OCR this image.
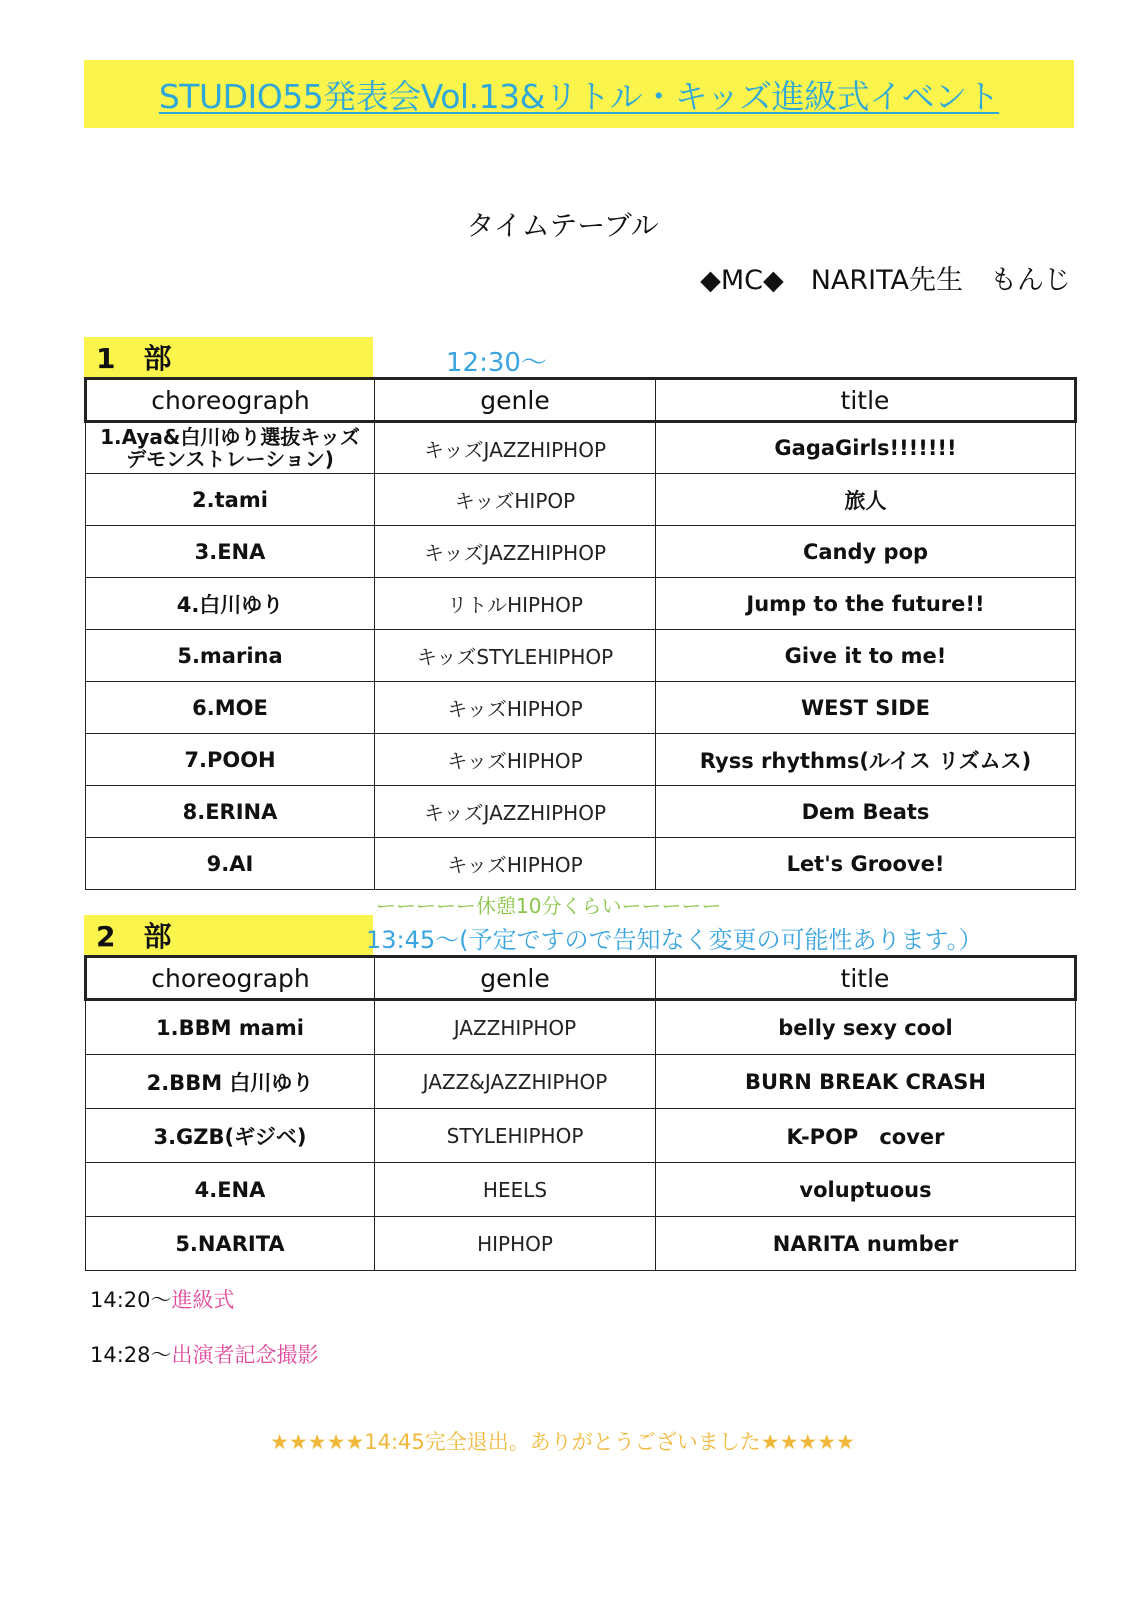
STUDIO55発表会Vol.13&リトル・キッズ進級式イベント
タイムテーブル
◆MC◆　NARITA先生　もんじ
1　部	12:30〜
choreograph	genle	title
1.Aya&白川ゆり選抜キッズデモンストレーション)	キッズJAZZHIPHOP	GagaGirls!!!!!!!
2.tami	キッズHIPOP	旅人
3.ENA	キッズJAZZHIPHOP	Candy pop
4.白川ゆり	リトルHIPHOP	Jump to the future!!
5.marina	キッズSTYLEHIPHOP	Give it to me!
6.MOE	キッズHIPHOP	WEST SIDE
7.POOH	キッズHIPHOP	Ryss rhythms(ルイス リズムス)
8.ERINA	キッズJAZZHIPHOP	Dem Beats
9.AI	キッズHIPHOP	Let's Groove!
ーーーーー休憩10分くらいーーーーー
2　部	13:45〜(予定ですので告知なく変更の可能性あります。）
choreograph	genle	title
1.BBM mami	JAZZHIPHOP	belly sexy cool
2.BBM 白川ゆり	JAZZ&JAZZHIPHOP	BURN BREAK CRASH
3.GZB(ギジベ)	STYLEHIPHOP	K-POP　cover
4.ENA	HEELS	voluptuous
5.NARITA	HIPHOP	NARITA number
14:20〜進級式
14:28〜出演者記念撮影
★★★★★14:45完全退出。ありがとうございました★★★★★
